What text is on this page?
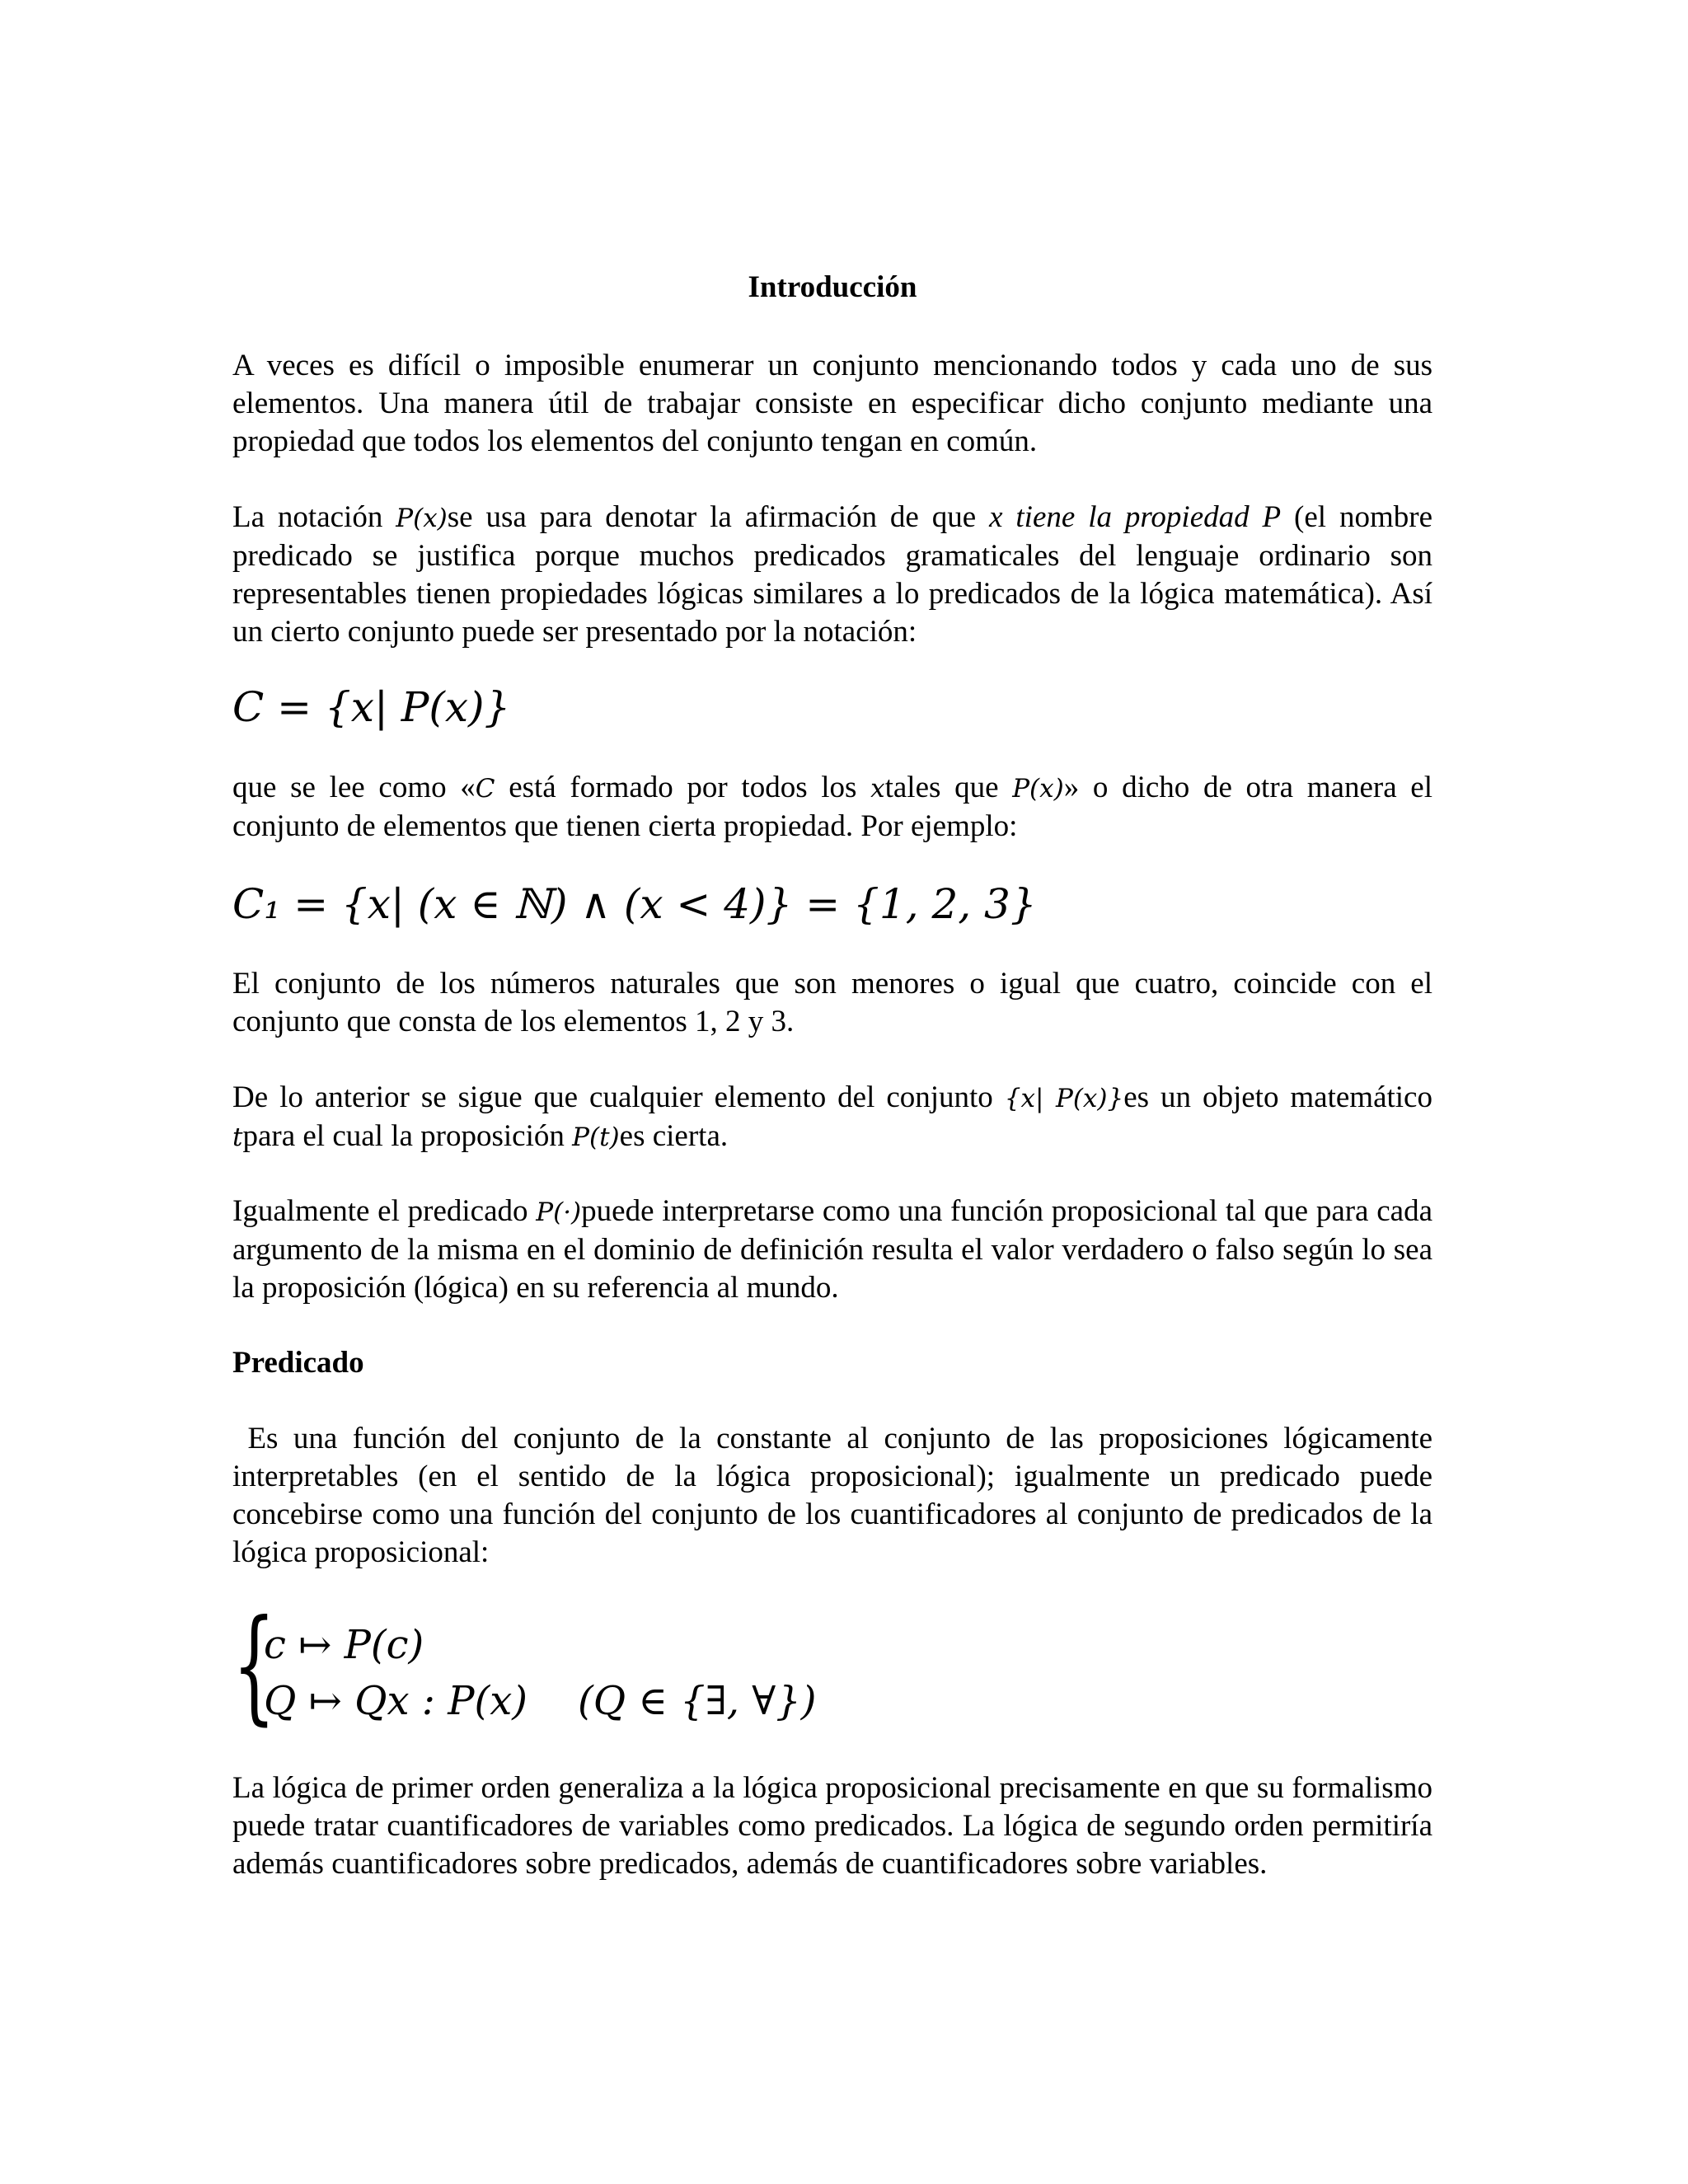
Introducción

A veces es difícil o imposible enumerar un conjunto mencionando todos y cada uno de sus elementos. Una manera útil de trabajar consiste en especificar dicho conjunto mediante una propiedad que todos los elementos del conjunto tengan en común.

La notación P(x)se usa para denotar la afirmación de que x tiene la propiedad P (el nombre predicado se justifica porque muchos predicados gramaticales del lenguaje ordinario son representables tienen propiedades lógicas similares a lo predicados de la lógica matemática). Así un cierto conjunto puede ser presentado por la notación:

C = {x| P(x)}

que se lee como «C está formado por todos los xtales que P(x)» o dicho de otra manera el conjunto de elementos que tienen cierta propiedad. Por ejemplo:

C₁ = {x| (x ∈ ℕ) ∧ (x < 4)} = {1, 2, 3}

El conjunto de los números naturales que son menores o igual que cuatro, coincide con el conjunto que consta de los elementos 1, 2 y 3.

De lo anterior se sigue que cualquier elemento del conjunto {x| P(x)}es un objeto matemático tpara el cual la proposición P(t)es cierta.

Igualmente el predicado P(·)puede interpretarse como una función proposicional tal que para cada argumento de la misma en el dominio de definición resulta el valor verdadero o falso según lo sea la proposición (lógica) en su referencia al mundo.

Predicado

Es una función del conjunto de la constante al conjunto de las proposiciones lógicamente interpretables (en el sentido de la lógica proposicional); igualmente un predicado puede concebirse como una función del conjunto de los cuantificadores al conjunto de predicados de la lógica proposicional:

{
c ↦ P(c)
Q ↦ Qx : P(x)    (Q ∈ {∃, ∀})

La lógica de primer orden generaliza a la lógica proposicional precisamente en que su formalismo puede tratar cuantificadores de variables como predicados. La lógica de segundo orden permitiría además cuantificadores sobre predicados, además de cuantificadores sobre variables.
